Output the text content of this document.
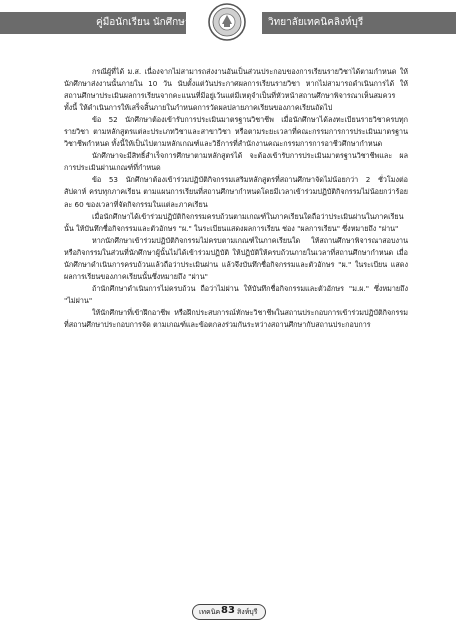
คู่มือนักเรียน นักศึกษา	วิทยาลัยเทคนิคลิงห์บุรี

กรณีผู้ที่ได้ ม.ส. เนื่องจากไม่สามารถส่งงานอันเป็นส่วนประกอบของการเรียนรายวิชาได้ตามกำหนด ให้นักศึกษาส่งงานนั้นภายใน 10 วัน นับตั้งแต่วันประกาศผลการเรียนรายวิชา หากไม่สามารถดำเนินการได้ ให้สถานศึกษาประเมินผลการเรียนจากคะแนนที่มีอยู่เว้นแต่มีเหตุจำเป็นที่หัวหน้าสถานศึกษาพิจารณาเห็นสมควร ทั้งนี้ ให้ดำเนินการให้เสร็จสิ้นภายในกำหนดการวัดผลปลายภาคเรียนของภาคเรียนถัดไป

ข้อ 52 นักศึกษาต้องเข้ารับการประเมินมาตรฐานวิชาชีพ เมื่อนักศึกษาได้ลงทะเบียนรายวิชาครบทุกรายวิชา ตามหลักสูตรแต่ละประเภทวิชาและสาขาวิชา หรือตามระยะเวลาที่คณะกรรมการการประเมินมาตรฐานวิชาชีพกำหนด ทั้งนี้ให้เป็นไปตามหลักเกณฑ์และวิธีการที่สำนักงานคณะกรรมการการอาชีวศึกษากำหนด

นักศึกษาจะมีสิทธิ์สำเร็จการศึกษาตามหลักสูตรได้ จะต้องเข้ารับการประเมินมาตรฐานวิชาชีพและ ผลการประเมินผ่านเกณฑ์ที่กำหนด

ข้อ 53 นักศึกษาต้องเข้าร่วมปฏิบัติกิจกรรมเสริมหลักสูตรที่สถานศึกษาจัดไม่น้อยกว่า 2 ชั่วโมงต่อสัปดาห์ ครบทุกภาคเรียน ตามแผนการเรียนที่สถานศึกษากำหนดโดยมีเวลาเข้าร่วมปฏิบัติกิจกรรมไม่น้อยกว่าร้อยละ 60 ของเวลาที่จัดกิจกรรมในแต่ละภาคเรียน

เมื่อนักศึกษาได้เข้าร่วมปฏิบัติกิจกรรมครบถ้วนตามเกณฑ์ในภาคเรียนใดถือว่าประเมินผ่านในภาคเรียนนั้น ให้บันทึกชื่อกิจกรรมและตัวอักษร "ผ." ในระเบียนแสดงผลการเรียน ช่อง "ผลการเรียน" ซึ่งหมายถึง "ผ่าน"

หากนักศึกษาเข้าร่วมปฏิบัติกิจกรรมไม่ครบตามเกณฑ์ในภาคเรียนใด ให้สถานศึกษาพิจารณาสอบงาน หรือกิจกรรมในส่วนที่นักศึกษาผู้นั้นไม่ได้เข้าร่วมปฏิบัติ ให้ปฏิบัติให้ครบถ้วนภายในเวลาที่สถานศึกษากำหนด เมื่อนักศึกษาดำเนินการครบถ้วนแล้วถือว่าประเมินผ่าน แล้วจึงบันทึกชื่อกิจกรรมและตัวอักษร "ผ." ในระเบียน แสดงผลการเรียนของภาคเรียนนั้นซึ่งหมายถึง "ผ่าน"

ถ้านักศึกษาดำเนินการไม่ครบถ้วน ถือว่าไม่ผ่าน ให้บันทึกชื่อกิจกรรมและตัวอักษร "ม.ผ." ซึ่งหมายถึง "ไม่ผ่าน"

ให้นักศึกษาที่เข้าฝึกอาชีพ หรือฝึกประสบการณ์ทักษะวิชาชีพในสถานประกอบการเข้าร่วมปฏิบัติกิจกรรม ที่สถานศึกษาประกอบการจัด ตามเกณฑ์และข้อตกลงร่วมกันระหว่างสถานศึกษากับสถานประกอบการ

เทคนิค 83 สิงห์บุรี
